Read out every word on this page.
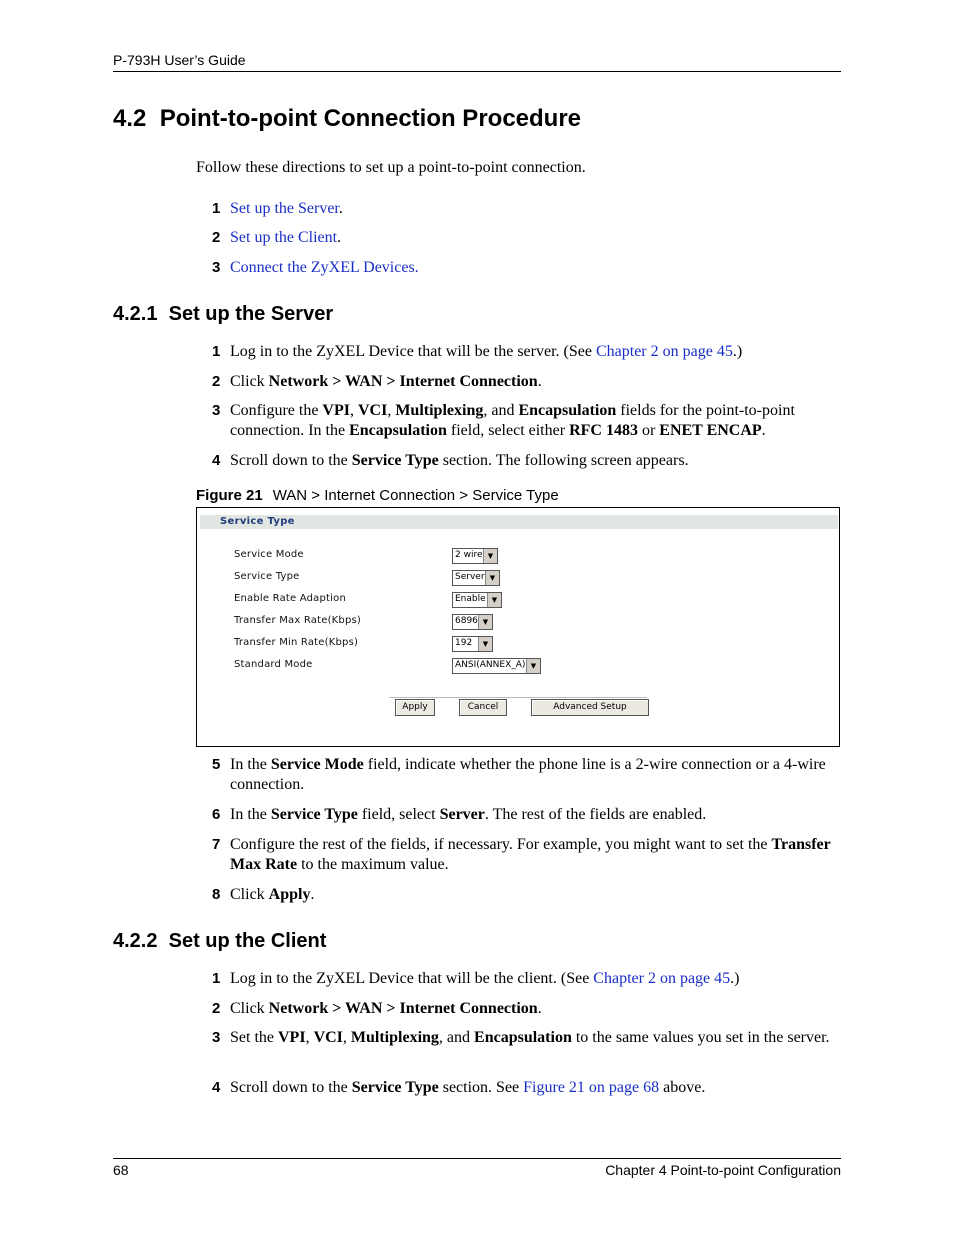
P-793H User’s Guide
4.2 Point-to-point Connection Procedure
Follow these directions to set up a point-to-point connection.
1 Set up the Server.
2 Set up the Client.
3 Connect the ZyXEL Devices.
4.2.1 Set up the Server
1 Log in to the ZyXEL Device that will be the server. (See Chapter 2 on page 45.)
2 Click Network > WAN > Internet Connection.
3 Configure the VPI, VCI, Multiplexing, and Encapsulation fields for the point-to-point connection. In the Encapsulation field, select either RFC 1483 or ENET ENCAP.
4 Scroll down to the Service Type section. The following screen appears.
Figure 21 WAN > Internet Connection > Service Type
Service Type
Service Mode	2 wire ▼
Service Type	Server ▼
Enable Rate Adaption	Enable ▼
Transfer Max Rate(Kbps)	6896 ▼
Transfer Min Rate(Kbps)	192	▼
Standard Mode	ANSI(ANNEX_A) ▼
Apply	Cancel	Advanced Setup
5 In the Service Mode field, indicate whether the phone line is a 2-wire connection or a 4-wire connection.
6 In the Service Type field, select Server. The rest of the fields are enabled.
7 Configure the rest of the fields, if necessary. For example, you might want to set the Transfer Max Rate to the maximum value.
8 Click Apply.
4.2.2 Set up the Client
1 Log in to the ZyXEL Device that will be the client. (See Chapter 2 on page 45.)
2 Click Network > WAN > Internet Connection.
3 Set the VPI, VCI, Multiplexing, and Encapsulation to the same values you set in the server.
4 Scroll down to the Service Type section. See Figure 21 on page 68 above.
68	Chapter 4 Point-to-point Configuration
